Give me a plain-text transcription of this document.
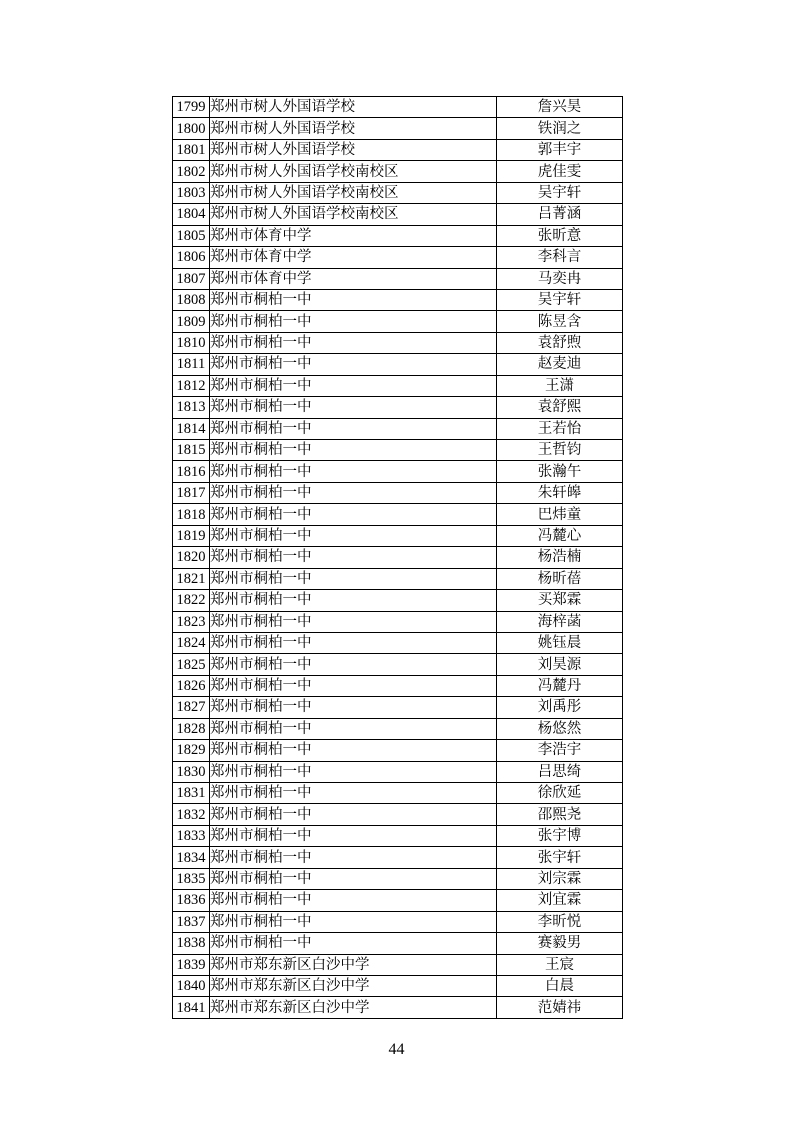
1799	郑州市树人外国语学校	詹兴昊
1800	郑州市树人外国语学校	铁润之
1801	郑州市树人外国语学校	郭丰宇
1802	郑州市树人外国语学校南校区	虎佳雯
1803	郑州市树人外国语学校南校区	吴宇轩
1804	郑州市树人外国语学校南校区	吕菁涵
1805	郑州市体育中学	张昕意
1806	郑州市体育中学	李科言
1807	郑州市体育中学	马奕冉
1808	郑州市桐柏一中	吴宇轩
1809	郑州市桐柏一中	陈昱含
1810	郑州市桐柏一中	袁舒煦
1811	郑州市桐柏一中	赵麦迪
1812	郑州市桐柏一中	王潇
1813	郑州市桐柏一中	袁舒熙
1814	郑州市桐柏一中	王若怡
1815	郑州市桐柏一中	王哲钧
1816	郑州市桐柏一中	张瀚午
1817	郑州市桐柏一中	朱轩皞
1818	郑州市桐柏一中	巴炜童
1819	郑州市桐柏一中	冯麓心
1820	郑州市桐柏一中	杨浩楠
1821	郑州市桐柏一中	杨昕蓓
1822	郑州市桐柏一中	买郑霖
1823	郑州市桐柏一中	海梓菡
1824	郑州市桐柏一中	姚钰晨
1825	郑州市桐柏一中	刘昊源
1826	郑州市桐柏一中	冯麓丹
1827	郑州市桐柏一中	刘禹彤
1828	郑州市桐柏一中	杨悠然
1829	郑州市桐柏一中	李浩宇
1830	郑州市桐柏一中	吕思绮
1831	郑州市桐柏一中	徐欣延
1832	郑州市桐柏一中	邵熙尧
1833	郑州市桐柏一中	张宇博
1834	郑州市桐柏一中	张宇轩
1835	郑州市桐柏一中	刘宗霖
1836	郑州市桐柏一中	刘宜霖
1837	郑州市桐柏一中	李昕悦
1838	郑州市桐柏一中	赛毅男
1839	郑州市郑东新区白沙中学	王宸
1840	郑州市郑东新区白沙中学	白晨
1841	郑州市郑东新区白沙中学	范婧祎
44
